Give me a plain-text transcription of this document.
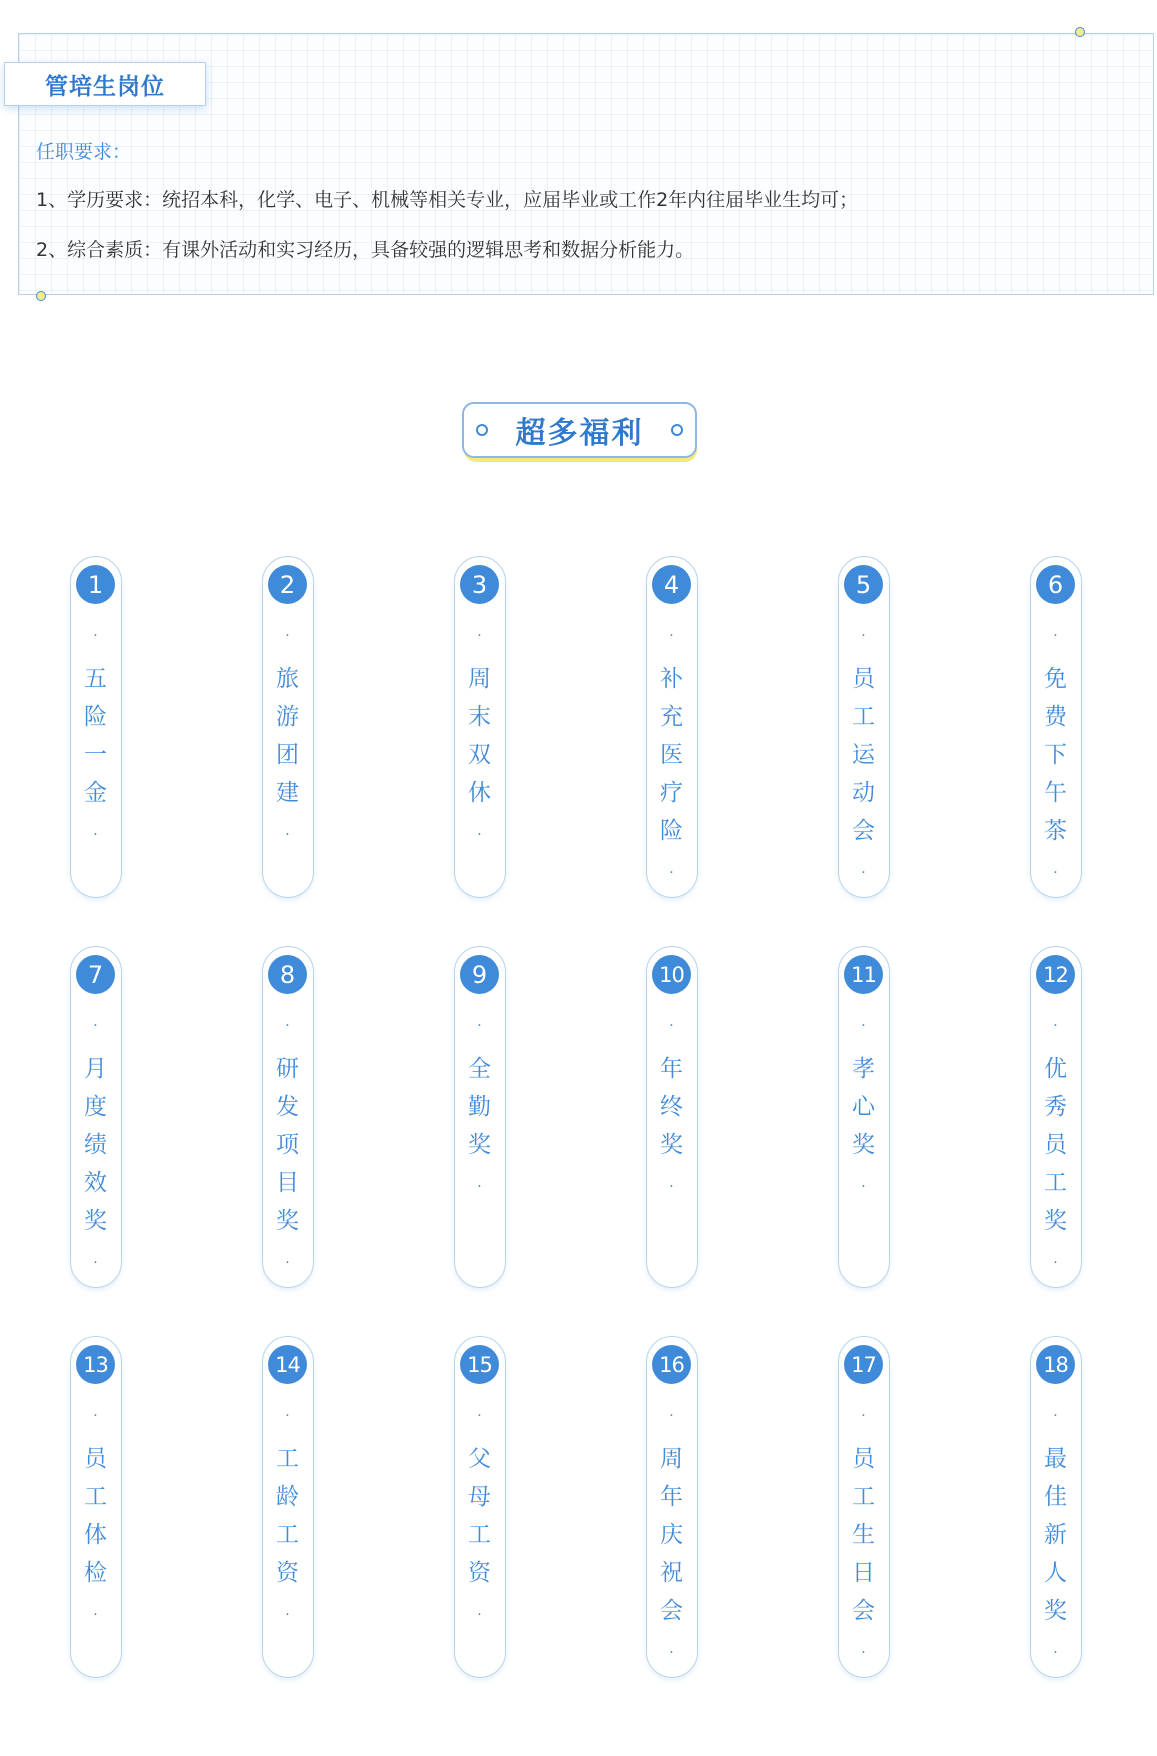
管培生岗位
任职要求：
1、学历要求：统招本科，化学、电子、机械等相关专业，应届毕业或工作2年内往届毕业生均可；
2、综合素质：有课外活动和实习经历，具备较强的逻辑思考和数据分析能力。
超多福利
1
·
五
险
一
金
·
2
·
旅
游
团
建
·
3
·
周
末
双
休
·
4
·
补
充
医
疗
险
·
5
·
员
工
运
动
会
·
6
·
免
费
下
午
茶
·
7
·
月
度
绩
效
奖
·
8
·
研
发
项
目
奖
·
9
·
全
勤
奖
·
10
·
年
终
奖
·
11
·
孝
心
奖
·
12
·
优
秀
员
工
奖
·
13
·
员
工
体
检
·
14
·
工
龄
工
资
·
15
·
父
母
工
资
·
16
·
周
年
庆
祝
会
·
17
·
员
工
生
日
会
·
18
·
最
佳
新
人
奖
·
